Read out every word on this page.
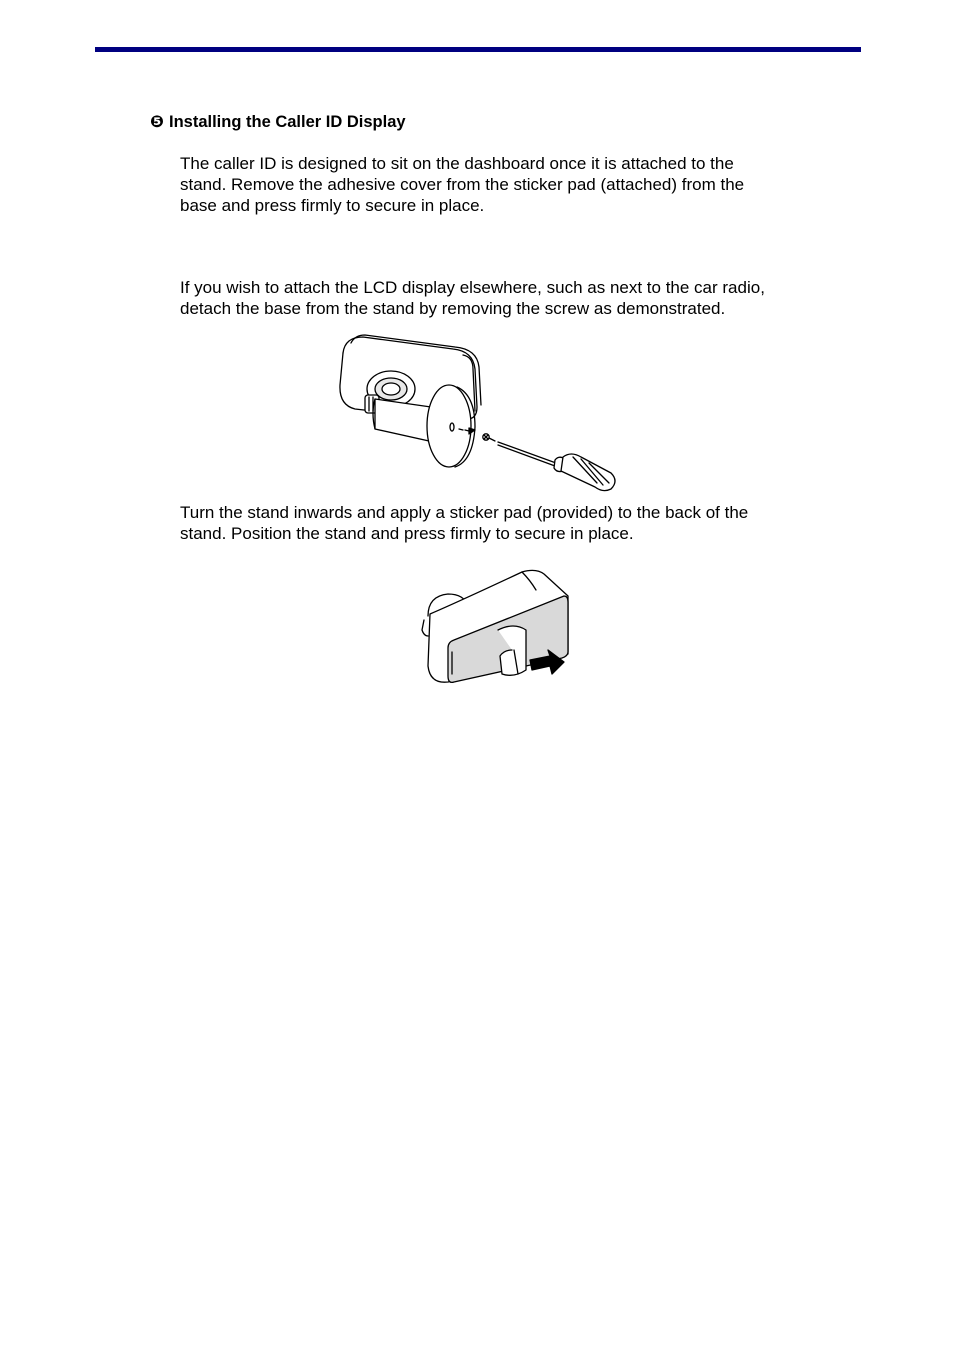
❺ Installing the Caller ID Display
The caller ID is designed to sit on the dashboard once it is attached to the
stand. Remove the adhesive cover from the sticker pad (attached) from the
base and press firmly to secure in place.
If you wish to attach the LCD display elsewhere, such as next to the car radio,
detach the base from the stand by removing the screw as demonstrated.
Turn the stand inwards and apply a sticker pad (provided) to the back of the
stand. Position the stand and press firmly to secure in place.
